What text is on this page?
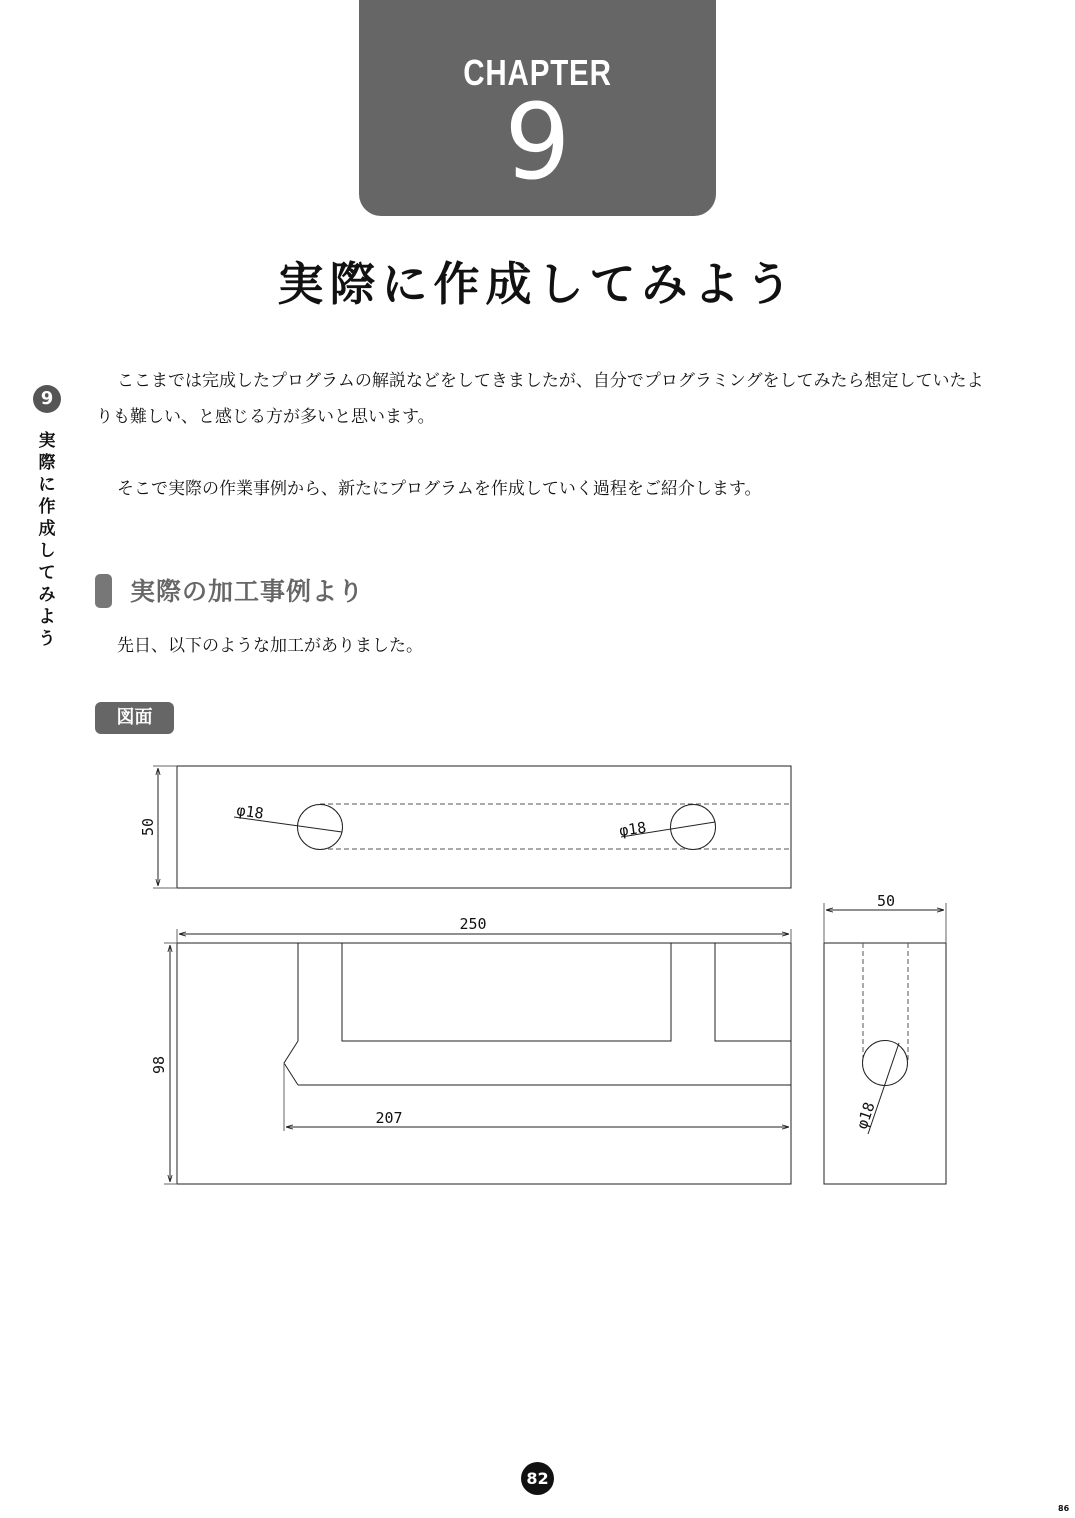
CHAPTER
9
実際に作成してみよう
9
実際に作成してみよう
ここまでは完成したプログラムの解説などをしてきましたが、自分でプログラミングをしてみたら想定していたよりも難しい、と感じる方が多いと思います。
そこで実際の作業事例から、新たにプログラムを作成していく過程をご紹介します。
実際の加工事例より
先日、以下のような加工がありました。
図面
50
φ18
φ18
250
98
207
50
φ18
82
86
